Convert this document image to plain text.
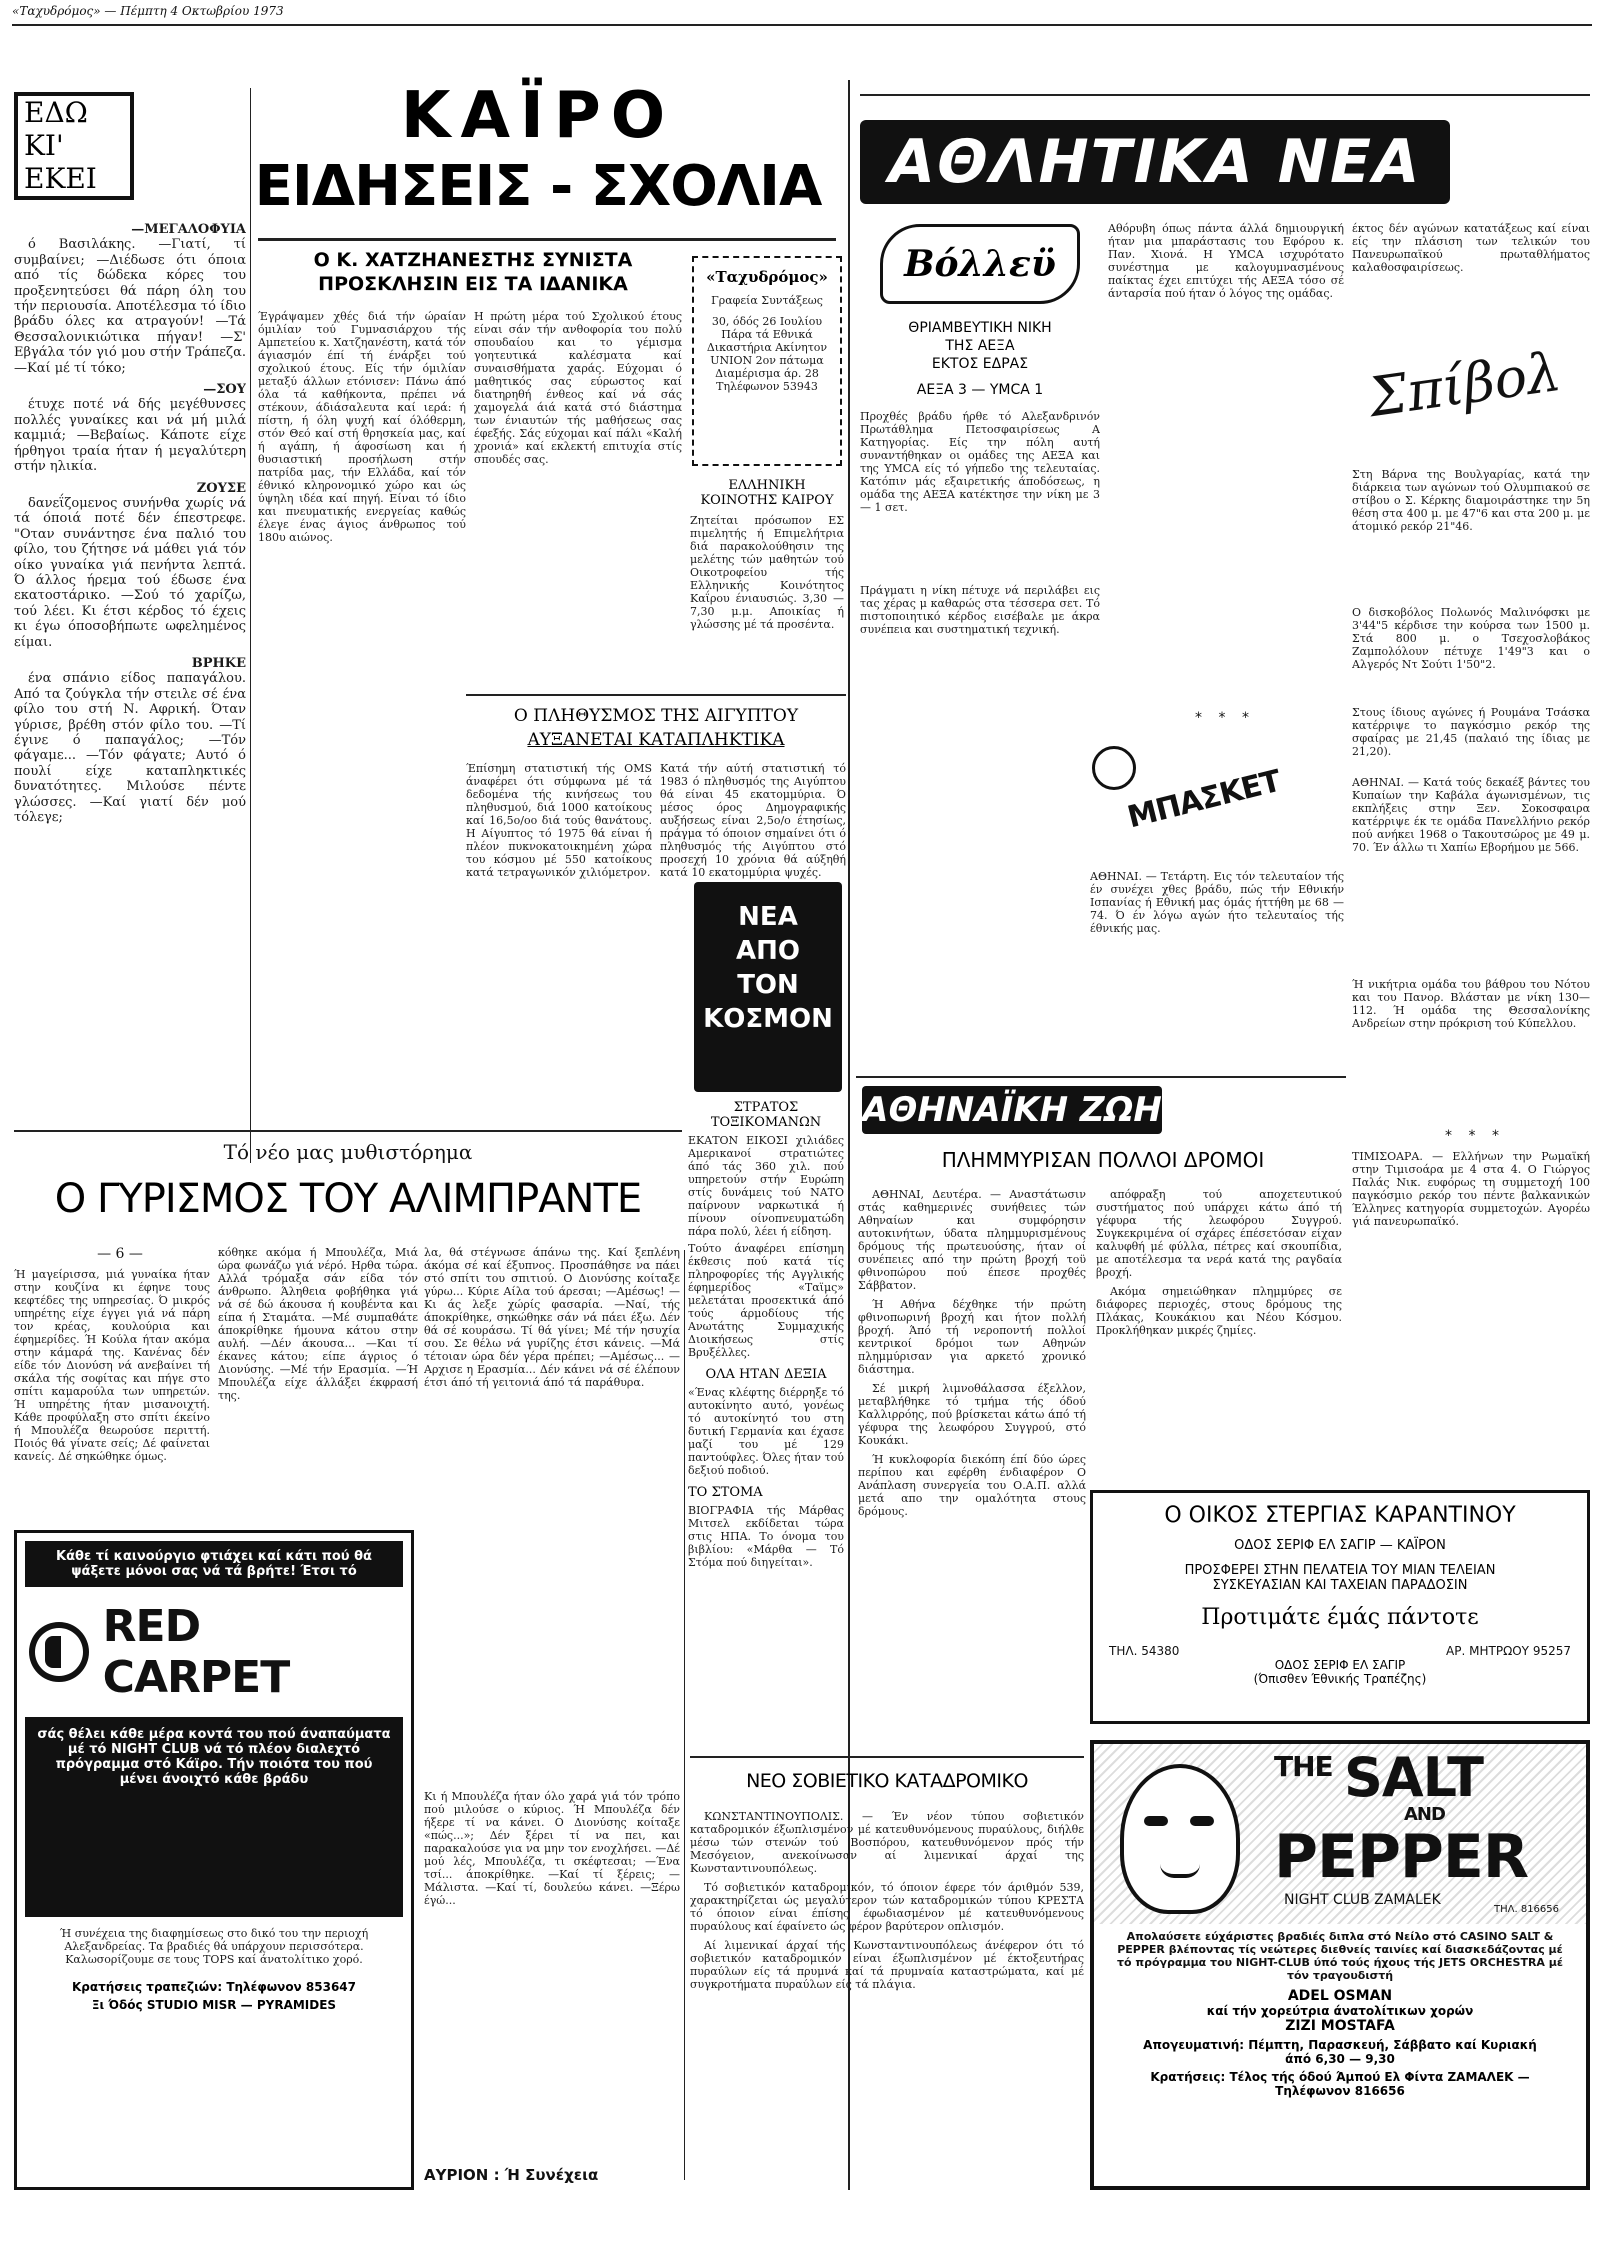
«Ταχυδρόμος» — Πέμπτη 4 Οκτωβρίου 1973
ΕΔΩ
ΚΙ' ΕΚΕΙ
—ΜΕΓΑΛΟΦΥΙΑ

ό Βασιλάκης. —Γιατί, τί συμβαίνει; —Διέδωσε ότι όποια από τίς δώδεκα κόρες του προξενητεύσει θά πάρη όλη του τήν περιουσία. Αποτέλεσμα τό ίδιο βράδυ όλες κα ατραγούν! —Τά Θεσσαλονικιώτικα πήγαν! —Σ' Εβγάλα τόν γιό μου στήν Τράπεζα. —Καί μέ τί τόκο;

—ΣΟΥ

έτυχε ποτέ νά δής μεγέθυνσες πολλές γυναίκες και νά μή μιλά καμμιά; —Βεβαίως. Κάποτε είχε ήρθηγοι τραία ήταν ή μεγαλύτερη στήν ηλικία.

ΖΟΥΣΕ

δανεΐζομενος συνήνθα χωρίς νά τά όποιά ποτέ δέν έπεστρεφε. "Οταν συνάντησε ένα παλιό του φίλο, του ζήτησε νά μάθει γιά τόν οίκο γυναίκα γιά πενήντα λεπτά. Ό άλλος ήρεμα τού έδωσε ένα εκατοστάρικο. —Σού τό χαρίζω, τού λέει. Κι έτσι κέρδος τό έχεις κι έγω όποσοβήπωτε ωφελημένος είμαι.

ΒΡΗΚΕ

ένα σπάνιο είδος παπαγάλου. Από τα ζούγκλα τήν στειλε σέ ένα φίλο του στή Ν. Αφρική. Όταν γύρισε, βρέθη στόν φίλο του. —Τί έγινε ό παπαγάλος; —Τόν φάγαμε... —Τόν φάγατε; Αυτό ό πουλί είχε καταπληκτικές δυνατότητες. Μιλούσε πέντε γλώσσες. —Καί γιατί δέν μού τόλεγε;

ΚΑΪΡΟ
ΕΙΔΗΣΕΙΣ - ΣΧΟΛΙΑ
Ο Κ. ΧΑΤΖΗΑΝΕΣΤΗΣ ΣΥΝΙΣΤΑ ΠΡΟΣΚΛΗΣΙΝ ΕΙΣ ΤΑ ΙΔΑΝΙΚΑ
Έγράψαμεν χθές διά τήν ώραίαν όμιλίαν τού Γυμνασιάρχου τής Αμπετείου κ. Χατζηανέστη, κατά τόν άγιασμόν έπί τή ένάρξει τού σχολικού έτους. Είς τήν όμιλίαν μεταξύ άλλων ετόνισεν: Πάνω άπό όλα τά καθήκοντα, πρέπει νά στέκουν, άδιάσαλευτα καί ιερά: ή πίστη, ή όλη ψυχή καί όλόθερμη, στόν Θεό καί στή θρησκεία μας, καί ή αγάπη, ή άφοσίωση και ή θυσιαστική προσήλωση στήν πατρίδα μας, τήν Ελλάδα, καί τόν έθνικό κληρονομικό χώρο και ώς ύψηλη ιδέα καί πηγή. Είναι τό ίδιο και πνευματικής ενεργείας καθώς έλεγε ένας άγιος άνθρωπος τού 180υ αιώνος.
Η πρώτη μέρα τού Σχολικού έτους είναι σάν τήν ανθοφορία του πολύ σπουδαίου και το γέμισμα γοητευτικά καλέσματα καί συναισθήματα χαράς. Εύχομαι ό μαθητικός σας εύρωστος καί διατηρηθή ένθεος καί νά σάς χαμογελά άιά κατά στό διάστημα των ένιαυτών τής μαθήσεως σας έφεξής. Σάς εύχομαι καί πάλι «Καλή χρονιά» καί εκλεκτή επιτυχία στίς σπουδές σας.
«Ταχυδρόμος»
Γραφεία Συντάξεως
30, όδός 26 Ιουλίου Πάρα τά Εθνικά Δικαστήρια Ακίνητον UNION 2ον πάτωμα Διαμέρισμα άρ. 28 Τηλέφωνον 53943
ΕΛΛΗΝΙΚΗ ΚΟΙΝΟΤΗΣ ΚΑΙΡΟΥ
Ζητείται πρόσωπον ΕΣ πιμελητής ή Επιμελήτρια διά παρακολούθησιν της μελέτης τών μαθητών τού Οικοτροφείου τής Ελληνικής Κοινότητος Καΐρου ένιαυσιώς. 3,30 — 7,30 μ.μ. Αποικίας ή γλώσσης μέ τά προσέντα.
Ο ΠΛΗΘΥΣΜΟΣ ΤΗΣ ΑΙΓΥΠΤΟΥ
ΑΥΞΑΝΕΤΑΙ ΚΑΤΑΠΛΗΚΤΙΚΑ
Έπίσημη στατιστική τής OMS άναφέρει ότι σύμφωνα μέ τά δεδομένα τής κινήσεως του πληθυσμού, διά 1000 κατοίκους καί 16,5ο/οο διά τούς θανάτους. Η Αίγυπτος τό 1975 θά είναι ή πλέον πυκνοκατοικημένη χώρα του κόσμου μέ 550 κατοίκους κατά τετραγωνικόν χιλιόμετρον.
Κατά τήν αύτή στατιστική τό 1983 ό πληθυσμός της Αιγύπτου θά είναι 45 εκατομμύρια. Ό μέσος όρος Δημογραφικής αυξήσεως είναι 2,5ο/ο έτησίως, πράγμα τό όποιον σημαίνει ότι ό πληθυσμός τής Αιγύπτου στό προσεχή 10 χρόνια θά αύξηθή κατά 10 εκατομμύρια ψυχές.
ΝΕΑ ΑΠΟ ΤΟΝ ΚΟΣΜΟΝ
ΣΤΡΑΤΟΣ ΤΟΞΙΚΟΜΑΝΩΝ

ΕΚΑΤΟΝ ΕΙΚΟΣΙ χιλιάδες Αμερικανοί στρατιώτες άπό τάς 360 χιλ. πού υπηρετούν στήν Ευρώπη στίς δυνάμεις τού ΝΑΤΟ παίρνουν ναρκωτικά ή πίνουν οίνοπνευματώδη πάρα πολύ, λέει ή είδηση.

Τούτο άναφέρει επίσημη έκθεσις πού κατά τίς πληροφορίες τής Αγγλικής έφημερίδος «Ταϊμς» μελετάται προσεκτικά άπό τούς άρμοδίους τής Ανωτάτης Συμμαχικής Διοικήσεως στίς Βρυξέλλες.

ΟΛΑ ΗΤΑΝ ΔΕΞΙΑ

«Ένας κλέφτης διέρρηξε τό αυτοκίνητο αυτό, γονέως τό αυτοκίνητό του στη δυτική Γερμανία και έχασε μαζί του μέ 129 παντούφλες. Όλες ήταν τού δεξιού ποδιού.

ΤΟ ΣΤΟΜΑ

ΒΙΟΓΡΑΦΙΑ τής Μάρθας Μιτσελ εκδίδεται τώρα στις ΗΠΑ. Το όνομα του βιβλίου: «Μάρθα — Τό Στόμα πού διηγείται».

Τό νέο μας μυθιστόρημα
Ο ΓΥΡΙΣΜΟΣ ΤΟΥ ΑΛΙΜΠΡΑΝΤΕ
— 6 —
Ή μαγείρισσα, μιά γυναίκα ήταν στην κουζίνα κι έφηνε τους κεφτέδες της υπηρεσίας. Ό μικρός υπηρέτης είχε έγγει γιά νά πάρη τον κρέας, κουλούρια και έφημερίδες. Ή Κούλα ήταν ακόμα στην κάμαρά της. Κανένας δέν είδε τόν Διονύση νά ανεβαίνει τή σκάλα τής σοφίτας και πήγε στο σπίτι καμαρούλα των υπηρετών. Ή υπηρέτης ήταν μισανοιχτή. Κάθε προφύλαξη στο σπίτι έκείνο ή Μπουλέζα θεωρούσε περιττή. Ποιός θά γίνατε σείς; Δέ φαίνεται κανείς. Δέ σηκώθηκε όμως.
κόθηκε ακόμα ή Μπουλέζα, Μιά ώρα φωνάζω γιά νέρό. Ηρθα τώρα. Αλλά τρόμαξα σάν είδα τόν άνθρωπο. Άληθεια φοβήθηκα γιά νά σέ δώ άκουσα ή κουβέντα και είπα ή Σταμάτα. —Μέ συμπαθάτε άποκρίθηκε ήμουνα κάτου στην αυλή. —Δέν άκουσα... —Και τί έκανες κάτου; είπε άγριος ό Διονύσης. —Μέ τήν Ερασμία. —Ή Μπουλέζα είχε άλλάξει έκφρασή της.
λα, θά στέγνωσε άπάνω της. Καί ξεπλένη άκόμα σέ καί έξυπνος. Προσπάθησε να πάει στό σπίτι του σπιτιού. Ο Διονύσης κοίταξε γύρω... Κύριε Αίλα τού άρεσαι; —Αμέσως! —Κι άς λεξε χώρίς φασαρία. —Ναί, τής άποκρίθηκε, σηκώθηκε σάν νά πάει έξω. Δέν θά σέ κουράσω. Τί θά γίνει; Μέ τήν ησυχία σου. Σε θέλω νά γυρίζης έτσι κάνεις. —Μά τέτοιαν ώρα δέν γέρα πρέπει; —Αμέσως... —Αρχισε η Ερασμία... Δέν κάνει νά σέ έλέπουν έτσι άπό τή γειτονιά άπό τά παράθυρα.
Κι ή Μπουλέζα ήταν όλο χαρά γιά τόν τρόπο πού μιλούσε ο κύριος. Ή Μπουλέζα δέν ήξερε τί να κάνει. Ο Διονύσης κοίταξε «πώς...»; Δέν ξέρει τί να πει, και παρακαλούσε για να μην τον ενοχλήσει. —Δέ μού λές, Μπουλέζα, τι σκέφτεσαι; —Ένα τσί... άποκρίθηκε. —Καί τί ξέρεις; —Μάλιστα. —Καί τί, δουλεύω κάνει. —Ξέρω έγώ...
ΑΥΡΙΟΝ : Ή Συνέχεια
Κάθε τί καινούργιο φτιάχει καί κάτι πού θά ψάξετε μόνοι σας νά τά βρήτε! Έτσι τό
RED CARPET
σάς θέλει κάθε μέρα κοντά του πού άναπαύματα μέ τό NIGHT CLUB νά τό πλέον διαλεχτό πρόγραμμα στό Κάϊρο. Τήν ποιότα του πού μένει άνοιχτό κάθε βράδυ
Ή συνέχεια της διαφημίσεως στο δικό του την περιοχή Αλεξανδρείας. Τα βραδιές θά υπάρχουν περισσότερα. Καλωσορίζουμε σε τους TOPS καί άνατολίτικο χορό.
Κρατήσεις τραπεζιών: Τηλέφωνον 853647
Ξι Όδός STUDIO MISR — PYRAMIDES
ΑΘΛΗΤΙΚΑ ΝΕΑ
Βόλλεϋ
ΘΡΙΑΜΒΕΥΤΙΚΗ ΝΙΚΗ
ΤΗΣ ΑΕΞΑ
ΕΚΤΟΣ ΕΔΡΑΣ
ΑΕΞΑ 3 — YMCA 1
Προχθές βράδυ ήρθε τό Αλεξανδρινόν Πρωτάθλημα Πετοσφαιρίσεως Α Κατηγορίας. Είς την πόλη αυτή συναντήθηκαν οι ομάδες της ΑΕΞΑ και της YMCA είς τό γήπεδο της τελευταίας. Κατόπιν μάς εξαιρετικής άποδόσεως, η ομάδα της ΑΕΞΑ κατέκτησε την νίκη με 3 — 1 σετ.
Πράγματι η νίκη πέτυχε νά περιλάβει εις τας χέρας μ καθαρώς στα τέσσερα σετ. Τό πιστοποιητικό κέρδος εισέβαλε με άκρα συνέπεια και συστηματική τεχνική.
Αθόρυβη όπως πάντα άλλά δημιουργική ήταν μια μπαράστασις του Εφόρου κ. Παν. Χιονά. Η YMCA ισχυρότατο συνέστημα με καλογυμνασμένους παίκτας έχει επιτύχει τής ΑΕΞΑ τόσο σέ άνταρσία πού ήταν ό λόγος της ομάδας.
* * *
ΜΠΑΣΚΕΤ
ΑΘΗΝΑΙ. — Τετάρτη. Εις τόν τελευταίον τής έν συνέχει χθες βράδυ, πώς τήν Εθνικήν Ισπανίας ή Εθνική μας όμάς ήττήθη με 68 — 74. Ό έν λόγω αγών ήτο τελευταίος τής έθνικής μας.
έκτος δέν αγώνων κατατάξεως καί είναι είς την πλάσιση των τελικών του Πανευρωπαϊκού πρωταθλήματος καλαθοσφαιρίσεως.
Σπίβολ
Στη Βάρνα της Βουλγαρίας, κατά την διάρκεια των αγώνων τού Ολυμπιακού σε στίβου ο Σ. Κέρκης διαμοιράστηκε την 5η θέση στα 400 μ. με 47"6 και στα 200 μ. με άτομικό ρεκόρ 21"46.
Ο δισκοβόλος Πολωνός Μαλινόφσκι με 3'44"5 κέρδισε την κούρσα των 1500 μ. Στά 800 μ. ο Τσεχοσλοβάκος Ζαμπολόλουν πέτυχε 1'49"3 και ο Αλγερός Ντ Σούτι 1'50"2.
Στους ίδιους αγώνες ή Ρουμάνα Τσάσκα κατέρριψε το παγκόσμιο ρεκόρ της σφαίρας με 21,45 (παλαιό της ίδιας με 21,20).
ΑΘΗΝΑΙ. — Κατά τούς δεκαέξ βάντες του Κυπαίων την Καβάλα άγωνισμένων, τις εκπλήξεις στην Ξεν. Σοκοσφαιρα κατέρριψε έκ τε ομάδα Πανελλήνιο ρεκόρ πού ανήκει 1968 ο Τακουτσώρος με 49 μ. 70. Έν άλλω τι Χαπίω Εβορήμου με 566.
Ή νικήτρια ομάδα του βάθρου του Νότου και του Πανορ. Βλάσταν με νίκη 130—112. Ή ομάδα της Θεσσαλονίκης Ανδρείων στην πρόκριση τού Κύπελλου.
* * *
ΤΙΜΙΣΟΑΡΑ. — Ελλήνων την Ρωμαϊκή στην Τιμισοάρα με 4 στα 4. Ο Γιώργος Παλάς Νικ. ευφόρως τη συμμετοχή 100 παγκόσμιο ρεκόρ του πέντε βαλκανικών Έλληνες κατηγορία συμμετοχών. Αγορέω γιά πανευρωπαϊκό.
ΑΘΗΝΑΪΚΗ ΖΩΗ
ΠΛΗΜΜΥΡΙΣΑΝ ΠΟΛΛΟΙ ΔΡΟΜΟΙ

ΑΘΗΝΑΙ, Δευτέρα. — Αναστάτωσιν στάς καθημερινές συνήθειες τών Αθηναίων και συμφόρησιν αυτοκινήτων, ύδατα πλημμυρισμένους δρόμους τής πρωτευούσης, ήταν οί συνέπειες από την πρώτη βροχή τοϋ φθινοπώρου πού έπεσε προχθές Σάββατον.

Ή Αθήνα δέχθηκε τήν πρώτη φθινοπωρινή βροχή και ήτον πολλή βροχή. Άπό τή νεροποντή πολλοί κεντρικοί δρόμοι των Αθηνών πλημμύρισαν για αρκετό χρονικό διάστημα.

Σέ μικρή λιμνοθάλασσα έξελλον, μεταβλήθηκε τό τμήμα τής όδού Καλλιρρόης, πού βρίσκεται κάτω άπό τή γέφυρα της λεωφόρου Συγγρού, στό Κουκάκι.

Ή κυκλοφορία διεκόπη έπί δύο ώρες περίπου και εφέρθη ένδιαφέρον Ο Ανάπλαση συνεργεία του Ο.Α.Π. αλλά μετά απο την ομαλότητα στους δρόμους.

απόφραξη τού αποχετευτικού συστήματος πού υπάρχει κάτω άπό τή γέφυρα τής λεωφόρου Συγγρού. Συγκεκριμένα οί σχάρες έπέσετόσαν είχαν καλυφθή μέ φύλλα, πέτρες καί σκουπίδια, με αποτέλεσμα τα νερά κατά της ραγδαία βροχή.

Ακόμα σημειώθηκαν πλημμύρες σε διάφορες περιοχές, στους δρόμους της Πλάκας, Κουκάκιου και Νέου Κόσμου. Προκλήθηκαν μικρές ζημίες.

Ο ΟΙΚΟΣ ΣΤΕΡΓΙΑΣ ΚΑΡΑΝΤΙΝΟΥ
ΟΔΟΣ ΣΕΡΙΦ ΕΛ ΣΑΓΙΡ — ΚΑΪΡΟΝ
ΠΡΟΣΦΕΡΕΙ ΣΤΗΝ ΠΕΛΑΤΕΙΑ ΤΟΥ ΜΙΑΝ ΤΕΛΕΙΑΝ ΣΥΣΚΕΥΑΣΙΑΝ ΚΑΙ ΤΑΧΕΙΑΝ ΠΑΡΑΔΟΣΙΝ
Προτιμάτε έμάς πάντοτε
ΤΗΛ. 54380	ΑΡ. ΜΗΤΡΩΟΥ 95257
ΟΔΟΣ ΣΕΡΙΦ ΕΛ ΣΑΓΙΡ
(Όπισθεν Έθνικής Τραπέζης)
THE SALT
AND
PEPPER
NIGHT CLUB ZAMALEK
ΤΗΛ. 816656
Απολαύσετε εύχάριστες βραδιές διπλα στό Νείλο στό CASINO SALT & PEPPER βλέποντας τίς νεώτερες διεθνείς ταινίες καί διασκεδάζοντας μέ τό πρόγραμμα του NIGHT-CLUB ύπό τούς ήχους τής JETS ORCHESTRA μέ τόν τραγουδιστή
ADEL OSMAN
καί τήν χορεύτρια άνατολίτικων χορών
ZIZI MOSTAFA
Απογευματινή: Πέμπτη, Παρασκευή, Σάββατο καί Κυριακή άπό 6,30 — 9,30
Κρατήσεις: Τέλος τής όδού Άμπού Ελ Φίντα ΖΑΜΑΛΕΚ — Τηλέφωνον 816656
ΝΕΟ ΣΟΒΙΕΤΙΚΟ ΚΑΤΑΔΡΟΜΙΚΟ

ΚΩΝΣΤΑΝΤΙΝΟΥΠΟΛΙΣ. — Έν νέον τύπου σοβιετικόν καταδρομικόν έξωπλισμένον μέ κατευθυνόμενους πυραύλους, διήλθε μέσω τών στενών τού Βοσπόρου, κατευθυνόμενον πρός τήν Μεσόγειον, ανεκοίνωσαν αί λιμενικαί άρχαί της Κωνσταντινουπόλεως.

Τό σοβιετικόν καταδρομικόν, τό όποιον έφερε τόν άριθμόν 539, χαρακτηρίζεται ώς μεγαλύτερον τών καταδρομικών τύπου ΚΡΕΣΤΑ τό όποιον είναι έπίσης έφωδιασμένον μέ κατευθυνόμενους πυραύλους καί έφαίνετο ώς φέρον βαρύτερον οπλισμόν.

Αί λιμενικαί άρχαί τής Κωνσταντινουπόλεως άνέφερον ότι τό σοβιετικόν καταδρομικόν είναι έξωπλισμένον μέ έκτοξευτήρας πυραύλων είς τά πρυμνά καί τά πρυμναία καταστρώματα, καί μέ συγκροτήματα πυραύλων είς τά πλάγια.
